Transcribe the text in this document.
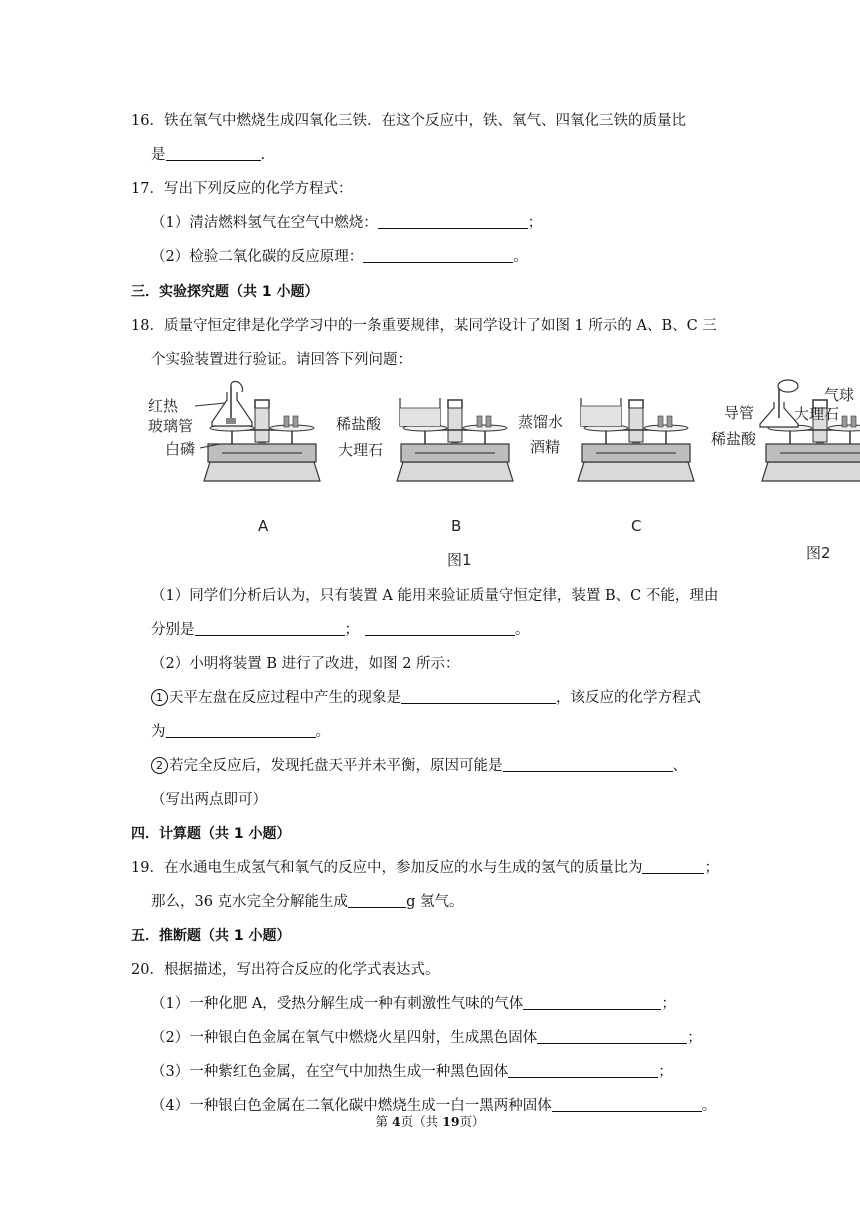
16．铁在氧气中燃烧生成四氧化三铁．在这个反应中，铁、氧气、四氧化三铁的质量比
是	.
17．写出下列反应的化学方程式：
（1）清洁燃料氢气在空气中燃烧：	；
（2）检验二氧化碳的反应原理：	。
三．实验探究题（共 1 小题）
18．质量守恒定律是化学学习中的一条重要规律，某同学设计了如图 1 所示的 A、B、C 三
个实验装置进行验证。请回答下列问题：
红热
玻璃管
白磷
A
稀盐酸
大理石
B
蒸馏水
酒精
C
图1
气球
导管	大理石
稀盐酸
图2
（1）同学们分析后认为，只有装置 A 能用来验证质量守恒定律，装置 B、C 不能，理由
分别是	；	。
（2）小明将装置 B 进行了改进，如图 2 所示：
1 天平左盘在反应过程中产生的现象是	，该反应的化学方程式
为	。
2 若完全反应后，发现托盘天平并未平衡，原因可能是	、
（写出两点即可）
四．计算题（共 1 小题）
19．在水通电生成氢气和氧气的反应中，参加反应的水与生成的氢气的质量比为	；
那么，36 克水完全分解能生成	g 氢气。
五．推断题（共 1 小题）
20．根据描述，写出符合反应的化学式表达式。
（1）一种化肥 A，受热分解生成一种有刺激性气味的气体	；
（2）一种银白色金属在氧气中燃烧火星四射，生成黑色固体	；
（3）一种紫红色金属，在空气中加热生成一种黑色固体	；
（4）一种银白色金属在二氧化碳中燃烧生成一白一黑两种固体	。
第 4页（共 19页）
